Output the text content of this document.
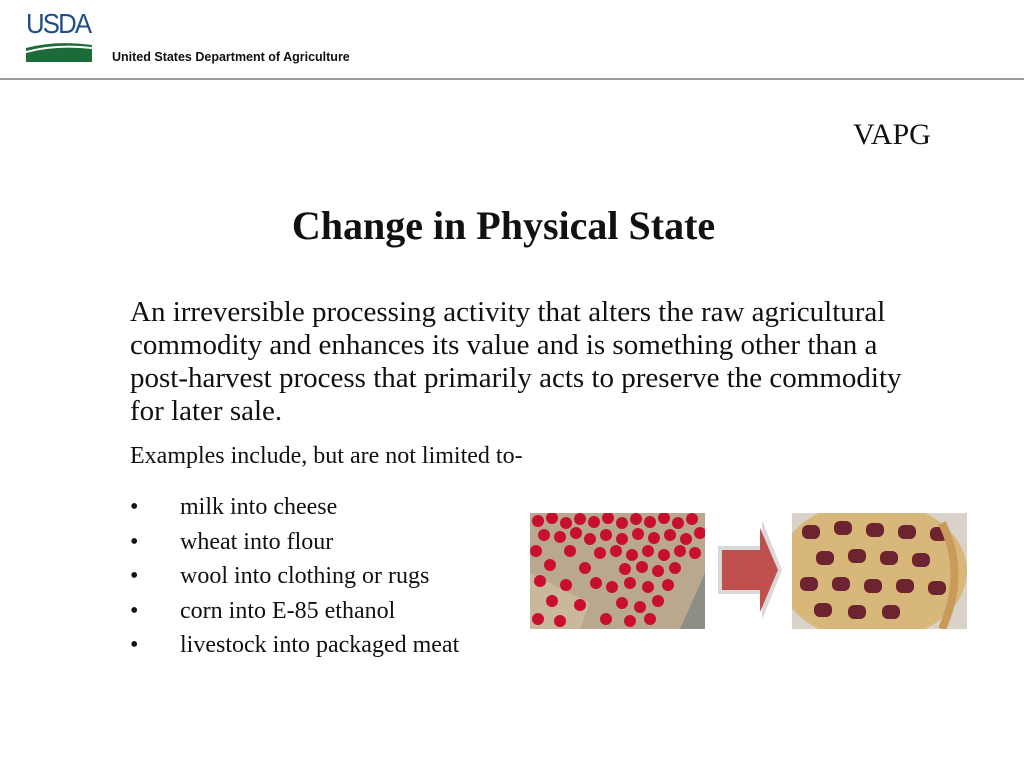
USDA
United States Department of Agriculture
VAPG
Change in Physical State
An irreversible processing activity that alters the raw agricultural commodity and enhances its value and is something other than a post-harvest process that primarily acts to preserve the commodity for later sale.
Examples include, but are not limited to-
•	milk into cheese
•	wheat into flour
•	wool into clothing or rugs
•	corn into E-85 ethanol
•	livestock into packaged meat
